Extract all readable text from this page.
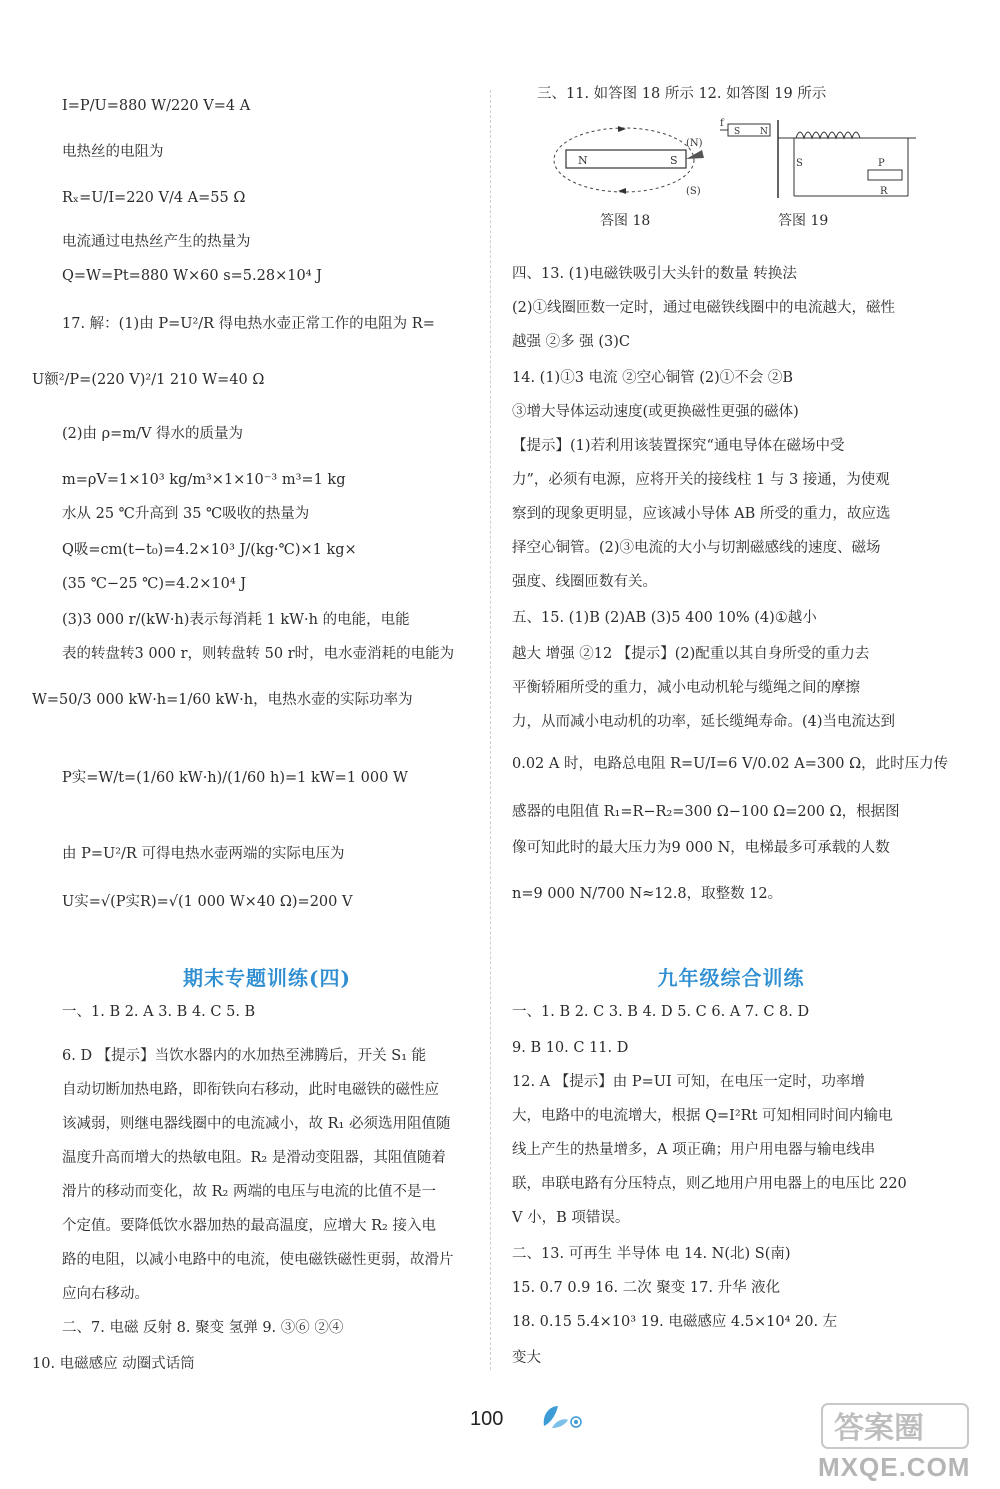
I=P/U=880 W/220 V=4 A
电热丝的电阻为
Rₓ=U/I=220 V/4 A=55 Ω
电流通过电热丝产生的热量为
Q=W=Pt=880 W×60 s=5.28×10⁴ J
17. 解：(1)由 P=U²/R 得电热水壶正常工作的电阻为 R=
U额²/P=(220 V)²/1 210 W=40 Ω
(2)由 ρ=m/V 得水的质量为
m=ρV=1×10³ kg/m³×1×10⁻³ m³=1 kg
水从 25 ℃升高到 35 ℃吸收的热量为
Q吸=cm(t−t₀)=4.2×10³ J/(kg·℃)×1 kg×
(35 ℃−25 ℃)=4.2×10⁴ J
(3)3 000 r/(kW·h)表示每消耗 1 kW·h 的电能，电能
表的转盘转3 000 r，则转盘转 50 r时，电水壶消耗的电能为
W=50/3 000 kW·h=1/60 kW·h，电热水壶的实际功率为
P实=W/t=(1/60 kW·h)/(1/60 h)=1 kW=1 000 W
由 P=U²/R 可得电热水壶两端的实际电压为
U实=√(P实R)=√(1 000 W×40 Ω)=200 V
期末专题训练(四)
一、1. B 2. A 3. B 4. C 5. B
6. D 【提示】当饮水器内的水加热至沸腾后，开关 S₁ 能
自动切断加热电路，即衔铁向右移动，此时电磁铁的磁性应
该减弱，则继电器线圈中的电流减小，故 R₁ 必须选用阻值随
温度升高而增大的热敏电阻。R₂ 是滑动变阻器，其阻值随着
滑片的移动而变化，故 R₂ 两端的电压与电流的比值不是一
个定值。要降低饮水器加热的最高温度，应增大 R₂ 接入电
路的电阻，以减小电路中的电流，使电磁铁磁性更弱，故滑片
应向右移动。
二、7. 电磁 反射 8. 聚变 氢弹 9. ③⑥ ②④
10. 电磁感应 动圈式话筒
三、11. 如答图 18 所示 12. 如答图 19 所示
N	S
(N)
(S)
答图 18
f
S N
S	P
R
答图 19
四、13. (1)电磁铁吸引大头针的数量 转换法
(2)①线圈匝数一定时，通过电磁铁线圈中的电流越大，磁性
越强 ②多 强 (3)C
14. (1)①3 电流 ②空心铜管 (2)①不会 ②B
③增大导体运动速度(或更换磁性更强的磁体)
【提示】(1)若利用该装置探究“通电导体在磁场中受
力”，必须有电源，应将开关的接线柱 1 与 3 接通，为使观
察到的现象更明显，应该减小导体 AB 所受的重力，故应选
择空心铜管。(2)③电流的大小与切割磁感线的速度、磁场
强度、线圈匝数有关。
五、15. (1)B (2)AB (3)5 400 10% (4)①越小
越大 增强 ②12 【提示】(2)配重以其自身所受的重力去
平衡轿厢所受的重力，减小电动机轮与缆绳之间的摩擦
力，从而减小电动机的功率，延长缆绳寿命。(4)当电流达到
0.02 A 时，电路总电阻 R=U/I=6 V/0.02 A=300 Ω，此时压力传
感器的电阻值 R₁=R−R₂=300 Ω−100 Ω=200 Ω，根据图
像可知此时的最大压力为9 000 N，电梯最多可承载的人数
n=9 000 N/700 N≈12.8，取整数 12。
九年级综合训练
一、1. B 2. C 3. B 4. D 5. C 6. A 7. C 8. D
9. B 10. C 11. D
12. A 【提示】由 P=UI 可知，在电压一定时，功率增
大，电路中的电流增大，根据 Q=I²Rt 可知相同时间内输电
线上产生的热量增多，A 项正确；用户用电器与输电线串
联，串联电路有分压特点，则乙地用户用电器上的电压比 220
V 小，B 项错误。
二、13. 可再生 半导体 电 14. N(北) S(南)
15. 0.7 0.9 16. 二次 聚变 17. 升华 液化
18. 0.15 5.4×10³ 19. 电磁感应 4.5×10⁴ 20. 左
变大
100	答案圈
MXQE.COM
